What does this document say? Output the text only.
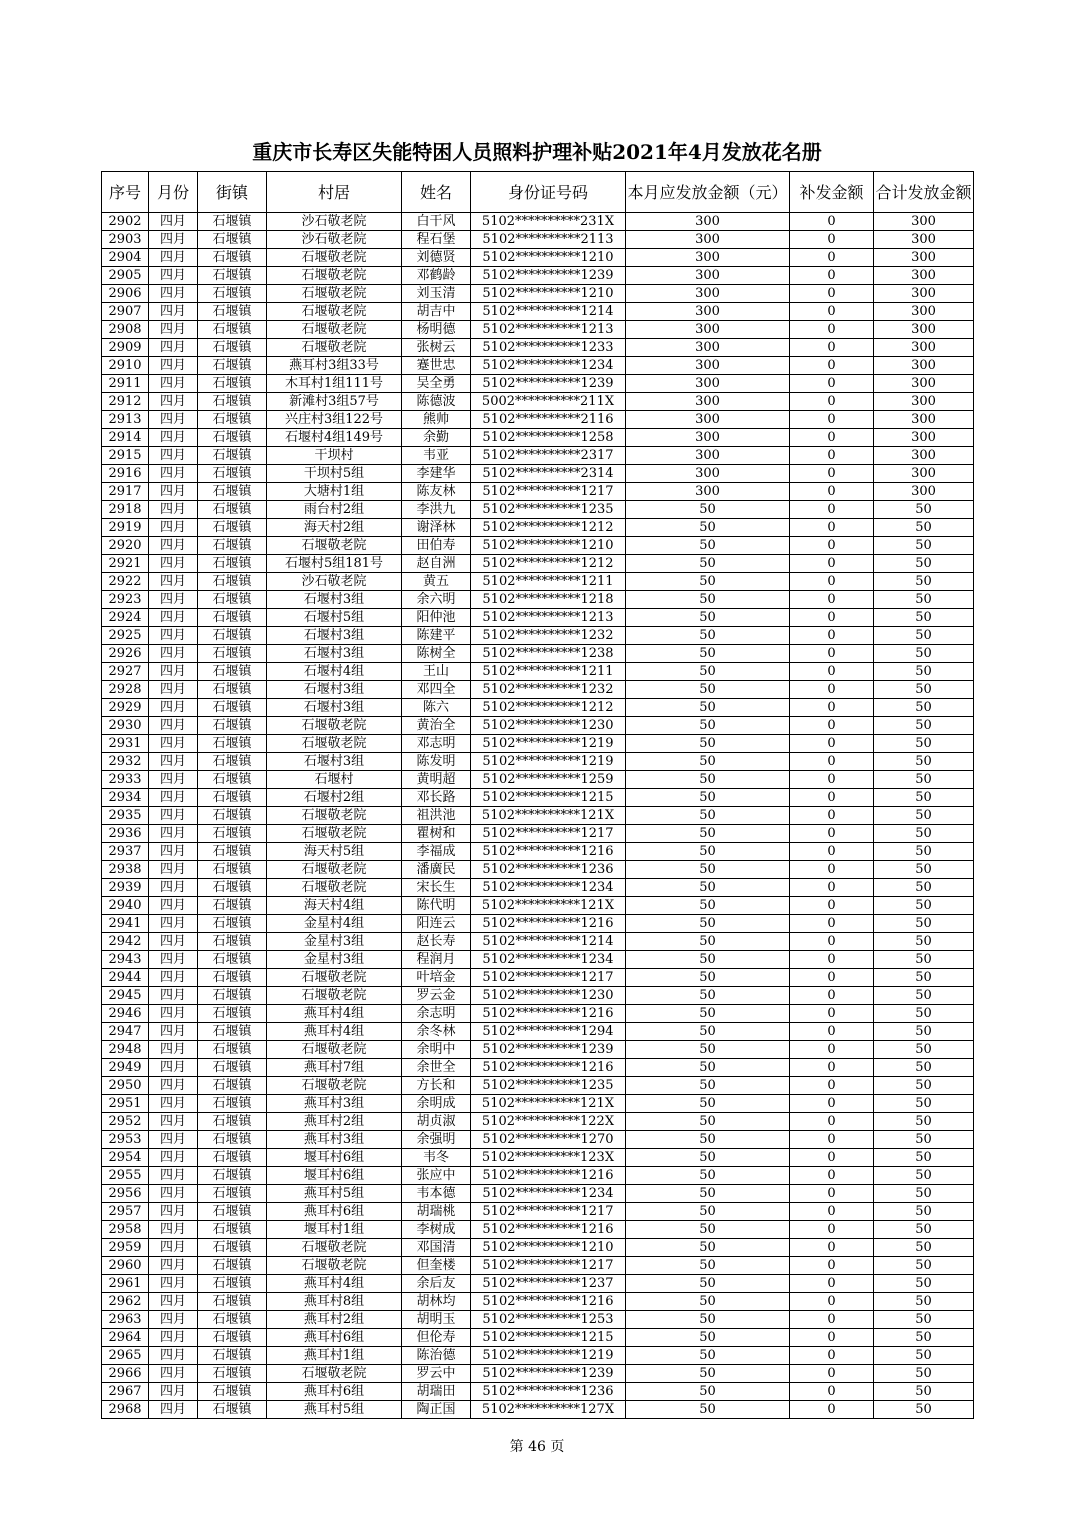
重庆市长寿区失能特困人员照料护理补贴2021年4月发放花名册
序号	月份	街镇	村居	姓名	身份证号码	本月应发放金额（元）	补发金额	合计发放金额
2902	四月	石堰镇	沙石敬老院	白干风	5102**********231X	300	0	300
2903	四月	石堰镇	沙石敬老院	程石堡	5102**********2113	300	0	300
2904	四月	石堰镇	石堰敬老院	刘德贤	5102**********1210	300	0	300
2905	四月	石堰镇	石堰敬老院	邓鹤龄	5102**********1239	300	0	300
2906	四月	石堰镇	石堰敬老院	刘玉清	5102**********1210	300	0	300
2907	四月	石堰镇	石堰敬老院	胡吉中	5102**********1214	300	0	300
2908	四月	石堰镇	石堰敬老院	杨明德	5102**********1213	300	0	300
2909	四月	石堰镇	石堰敬老院	张树云	5102**********1233	300	0	300
2910	四月	石堰镇	燕耳村3组33号	蹇世忠	5102**********1234	300	0	300
2911	四月	石堰镇	木耳村1组111号	吴全勇	5102**********1239	300	0	300
2912	四月	石堰镇	新滩村3组57号	陈德波	5002**********211X	300	0	300
2913	四月	石堰镇	兴庄村3组122号	熊帅	5102**********2116	300	0	300
2914	四月	石堰镇	石堰村4组149号	余勤	5102**********1258	300	0	300
2915	四月	石堰镇	干坝村	韦亚	5102**********2317	300	0	300
2916	四月	石堰镇	干坝村5组	李建华	5102**********2314	300	0	300
2917	四月	石堰镇	大塘村1组	陈友林	5102**********1217	300	0	300
2918	四月	石堰镇	雨台村2组	李洪九	5102**********1235	50	0	50
2919	四月	石堰镇	海天村2组	谢泽林	5102**********1212	50	0	50
2920	四月	石堰镇	石堰敬老院	田伯寿	5102**********1210	50	0	50
2921	四月	石堰镇	石堰村5组181号	赵自洲	5102**********1212	50	0	50
2922	四月	石堰镇	沙石敬老院	黄五	5102**********1211	50	0	50
2923	四月	石堰镇	石堰村3组	余六明	5102**********1218	50	0	50
2924	四月	石堰镇	石堰村5组	阳仲池	5102**********1213	50	0	50
2925	四月	石堰镇	石堰村3组	陈建平	5102**********1232	50	0	50
2926	四月	石堰镇	石堰村3组	陈树全	5102**********1238	50	0	50
2927	四月	石堰镇	石堰村4组	王山	5102**********1211	50	0	50
2928	四月	石堰镇	石堰村3组	邓四全	5102**********1232	50	0	50
2929	四月	石堰镇	石堰村3组	陈六	5102**********1212	50	0	50
2930	四月	石堰镇	石堰敬老院	黄治全	5102**********1230	50	0	50
2931	四月	石堰镇	石堰敬老院	邓志明	5102**********1219	50	0	50
2932	四月	石堰镇	石堰村3组	陈发明	5102**********1219	50	0	50
2933	四月	石堰镇	石堰村	黄明超	5102**********1259	50	0	50
2934	四月	石堰镇	石堰村2组	邓长路	5102**********1215	50	0	50
2935	四月	石堰镇	石堰敬老院	祖洪池	5102**********121X	50	0	50
2936	四月	石堰镇	石堰敬老院	瞿树和	5102**********1217	50	0	50
2937	四月	石堰镇	海天村5组	李福成	5102**********1216	50	0	50
2938	四月	石堰镇	石堰敬老院	潘廣民	5102**********1236	50	0	50
2939	四月	石堰镇	石堰敬老院	宋长生	5102**********1234	50	0	50
2940	四月	石堰镇	海天村4组	陈代明	5102**********121X	50	0	50
2941	四月	石堰镇	金星村4组	阳连云	5102**********1216	50	0	50
2942	四月	石堰镇	金星村3组	赵长寿	5102**********1214	50	0	50
2943	四月	石堰镇	金星村3组	程润月	5102**********1234	50	0	50
2944	四月	石堰镇	石堰敬老院	叶培金	5102**********1217	50	0	50
2945	四月	石堰镇	石堰敬老院	罗云金	5102**********1230	50	0	50
2946	四月	石堰镇	燕耳村4组	余志明	5102**********1216	50	0	50
2947	四月	石堰镇	燕耳村4组	余冬林	5102**********1294	50	0	50
2948	四月	石堰镇	石堰敬老院	余明中	5102**********1239	50	0	50
2949	四月	石堰镇	燕耳村7组	余世全	5102**********1216	50	0	50
2950	四月	石堰镇	石堰敬老院	方长和	5102**********1235	50	0	50
2951	四月	石堰镇	燕耳村3组	余明成	5102**********121X	50	0	50
2952	四月	石堰镇	燕耳村2组	胡贞淑	5102**********122X	50	0	50
2953	四月	石堰镇	燕耳村3组	余强明	5102**********1270	50	0	50
2954	四月	石堰镇	堰耳村6组	韦冬	5102**********123X	50	0	50
2955	四月	石堰镇	堰耳村6组	张应中	5102**********1216	50	0	50
2956	四月	石堰镇	燕耳村5组	韦本德	5102**********1234	50	0	50
2957	四月	石堰镇	燕耳村6组	胡瑞桃	5102**********1217	50	0	50
2958	四月	石堰镇	堰耳村1组	李树成	5102**********1216	50	0	50
2959	四月	石堰镇	石堰敬老院	邓国清	5102**********1210	50	0	50
2960	四月	石堰镇	石堰敬老院	但奎楼	5102**********1217	50	0	50
2961	四月	石堰镇	燕耳村4组	余后友	5102**********1237	50	0	50
2962	四月	石堰镇	燕耳村8组	胡林均	5102**********1216	50	0	50
2963	四月	石堰镇	燕耳村2组	胡明玉	5102**********1253	50	0	50
2964	四月	石堰镇	燕耳村6组	但伦寿	5102**********1215	50	0	50
2965	四月	石堰镇	燕耳村1组	陈治德	5102**********1219	50	0	50
2966	四月	石堰镇	石堰敬老院	罗云中	5102**********1239	50	0	50
2967	四月	石堰镇	燕耳村6组	胡瑞田	5102**********1236	50	0	50
2968	四月	石堰镇	燕耳村5组	陶正国	5102**********127X	50	0	50
第 46 页
